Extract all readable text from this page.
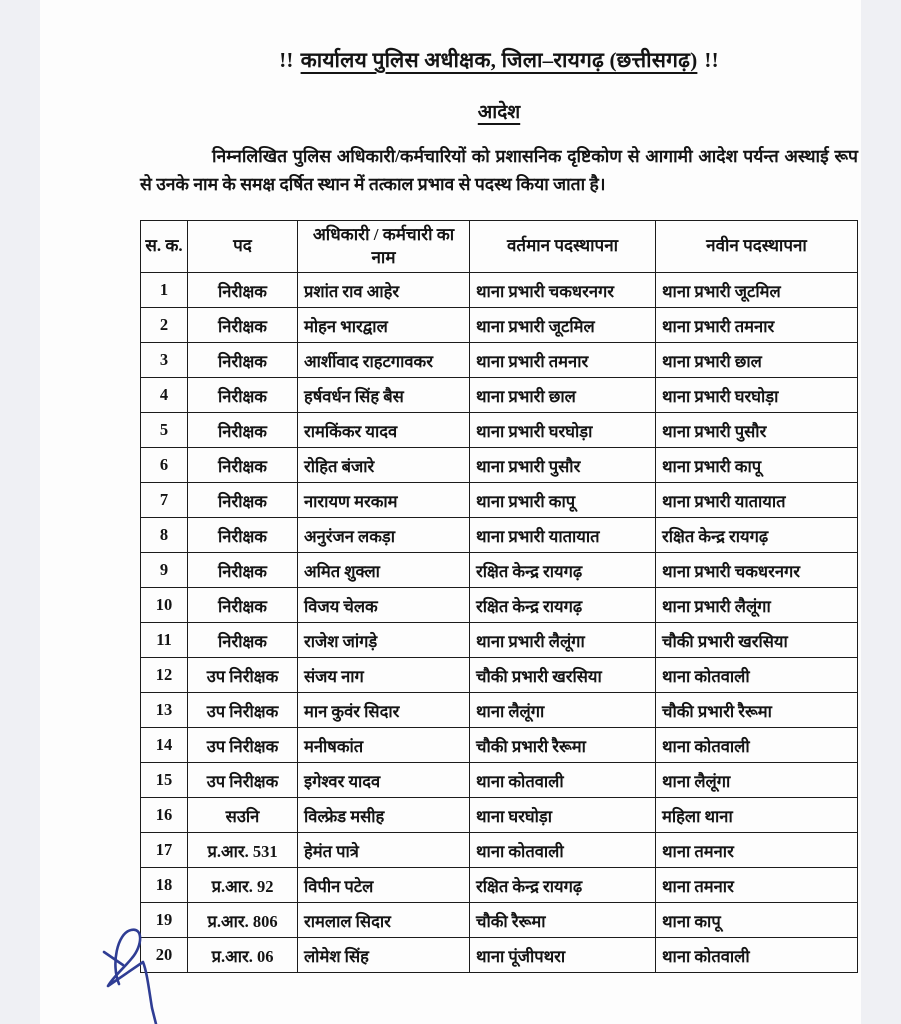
!! कार्यालय पुलिस अधीक्षक, जिला–रायगढ़ (छत्तीसगढ़) !!
आदेश

निम्नलिखित पुलिस अधिकारी/कर्मचारियों को प्रशासनिक दृष्टिकोण से आगामी आदेश पर्यन्त अस्थाई रूप से उनके नाम के समक्ष दर्षित स्थान में तत्काल प्रभाव से पदस्थ किया जाता है।

स. क.	पद	अधिकारी / कर्मचारी का नाम	वर्तमान पदस्थापना	नवीन पदस्थापना
1	निरीक्षक	प्रशांत राव आहेर	थाना प्रभारी चकधरनगर	थाना प्रभारी जूटमिल
2	निरीक्षक	मोहन भारद्वाल	थाना प्रभारी जूटमिल	थाना प्रभारी तमनार
3	निरीक्षक	आर्शीवाद राहटगावकर	थाना प्रभारी तमनार	थाना प्रभारी छाल
4	निरीक्षक	हर्षवर्धन सिंह बैस	थाना प्रभारी छाल	थाना प्रभारी घरघोड़ा
5	निरीक्षक	रामकिंकर यादव	थाना प्रभारी घरघोड़ा	थाना प्रभारी पुसौर
6	निरीक्षक	रोहित बंजारे	थाना प्रभारी पुसौर	थाना प्रभारी कापू
7	निरीक्षक	नारायण मरकाम	थाना प्रभारी कापू	थाना प्रभारी यातायात
8	निरीक्षक	अनुरंजन लकड़ा	थाना प्रभारी यातायात	रक्षित केन्द्र रायगढ़
9	निरीक्षक	अमित शुक्ला	रक्षित केन्द्र रायगढ़	थाना प्रभारी चकधरनगर
10	निरीक्षक	विजय चेलक	रक्षित केन्द्र रायगढ़	थाना प्रभारी लैलूंगा
11	निरीक्षक	राजेश जांगड़े	थाना प्रभारी लैलूंगा	चौकी प्रभारी खरसिया
12	उप निरीक्षक	संजय नाग	चौकी प्रभारी खरसिया	थाना कोतवाली
13	उप निरीक्षक	मान कुवंर सिदार	थाना लैलूंगा	चौकी प्रभारी रैरूमा
14	उप निरीक्षक	मनीषकांत	चौकी प्रभारी रैरूमा	थाना कोतवाली
15	उप निरीक्षक	इगेश्वर यादव	थाना कोतवाली	थाना लैलूंगा
16	सउनि	विल्फ्रेड मसीह	थाना घरघोड़ा	महिला थाना
17	प्र.आर. 531	हेमंत पात्रे	थाना कोतवाली	थाना तमनार
18	प्र.आर. 92	विपीन पटेल	रक्षित केन्द्र रायगढ़	थाना तमनार
19	प्र.आर. 806	रामलाल सिदार	चौकी रैरूमा	थाना कापू
20	प्र.आर. 06	लोमेश सिंह	थाना पूंजीपथरा	थाना कोतवाली
